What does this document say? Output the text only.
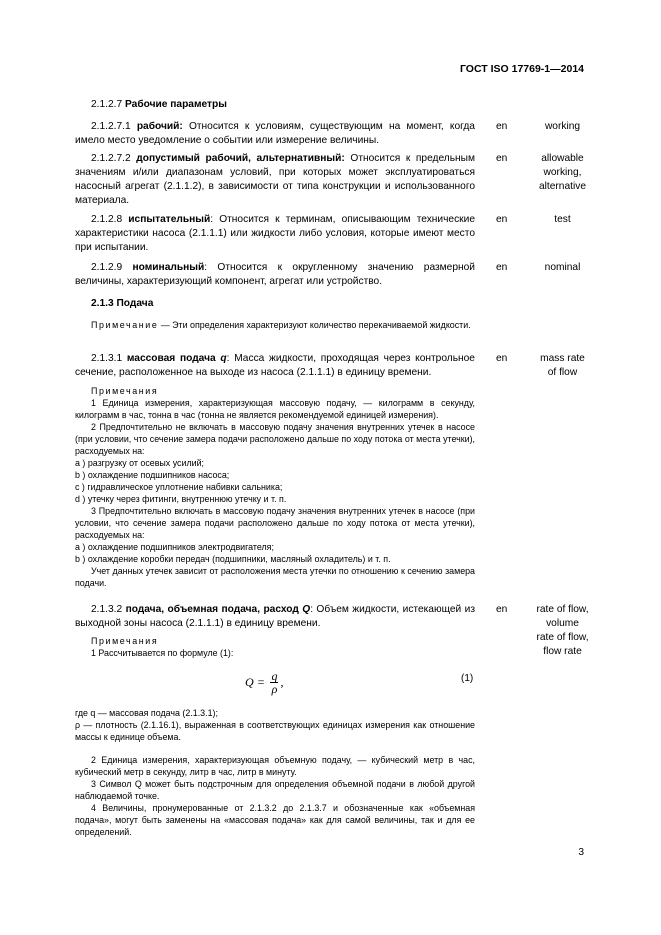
ГОСТ ISO 17769-1—2014
2.1.2.7 Рабочие параметры

2.1.2.7.1 рабочий: Относится к условиям, существующим на момент, когда имело место уведомление о событии или измерение величины.

en	working

2.1.2.7.2 допустимый рабочий, альтернативный: Относится к предельным значениям и/или диапазонам условий, при которых может эксплуатироваться насосный агрегат (2.1.1.2), в зависимости от типа конструкции и использованного материала.

en	allowable
working,
alternative

2.1.2.8 испытательный: Относится к терминам, описывающим технические характеристики насоса (2.1.1.1) или жидкости либо условия, которые имеют место при испытании.

en	test

2.1.2.9 номинальный: Относится к округленному значению размерной величины, характеризующий компонент, агрегат или устройство.

en	nominal
2.1.3 Подача

Примечание — Эти определения характеризуют количество перекачиваемой жидкости.

2.1.3.1 массовая подача q: Масса жидкости, проходящая через контрольное сечение, расположенное на выходе из насоса (2.1.1.1) в единицу времени.

en	mass rate
of flow

Примечания

1 Единица измерения, характеризующая массовую подачу, — килограмм в секунду, килограмм в час, тонна в час (тонна не является рекомендуемой единицей измерения).

2 Предпочтительно не включать в массовую подачу значения внутренних утечек в насосе (при условии, что сечение замера подачи расположено дальше по ходу потока от места утечки), расходуемых на:

а ) разгрузку от осевых усилий;

b ) охлаждение подшипников насоса;

c ) гидравлическое уплотнение набивки сальника;

d ) утечку через фитинги, внутреннюю утечку и т. п.

3 Предпочтительно включать в массовую подачу значения внутренних утечек в насосе (при условии, что сечение замера подачи расположено дальше по ходу потока от места утечки), расходуемых на:

а ) охлаждение подшипников электродвигателя;

b ) охлаждение коробки передач (подшипники, масляный охладитель) и т. п.

Учет данных утечек зависит от расположения места утечки по отношению к сечению замера подачи.

2.1.3.2 подача, объемная подача, расход Q: Объем жидкости, истекающей из выходной зоны насоса (2.1.1.1) в единицу времени.

en	rate of flow,
volume
rate of flow,
flow rate

Примечания

1 Рассчитывается по формуле (1):

$Q = \frac{q}{\rho}$ ,	(1)

где q — массовая подача (2.1.3.1);

ρ — плотность (2.1.16.1), выраженная в соответствующих единицах измерения как отношение массы к единице объема.

2 Единица измерения, характеризующая объемную подачу, — кубический метр в час, кубический метр в секунду, литр в час, литр в минуту.

3 Символ Q может быть подстрочным для определения объемной подачи в любой другой наблюдаемой точке.

4 Величины, пронумерованные от 2.1.3.2 до 2.1.3.7 и обозначенные как «объемная подача», могут быть заменены на «массовая подача» как для самой величины, так и для ее определений.

3
